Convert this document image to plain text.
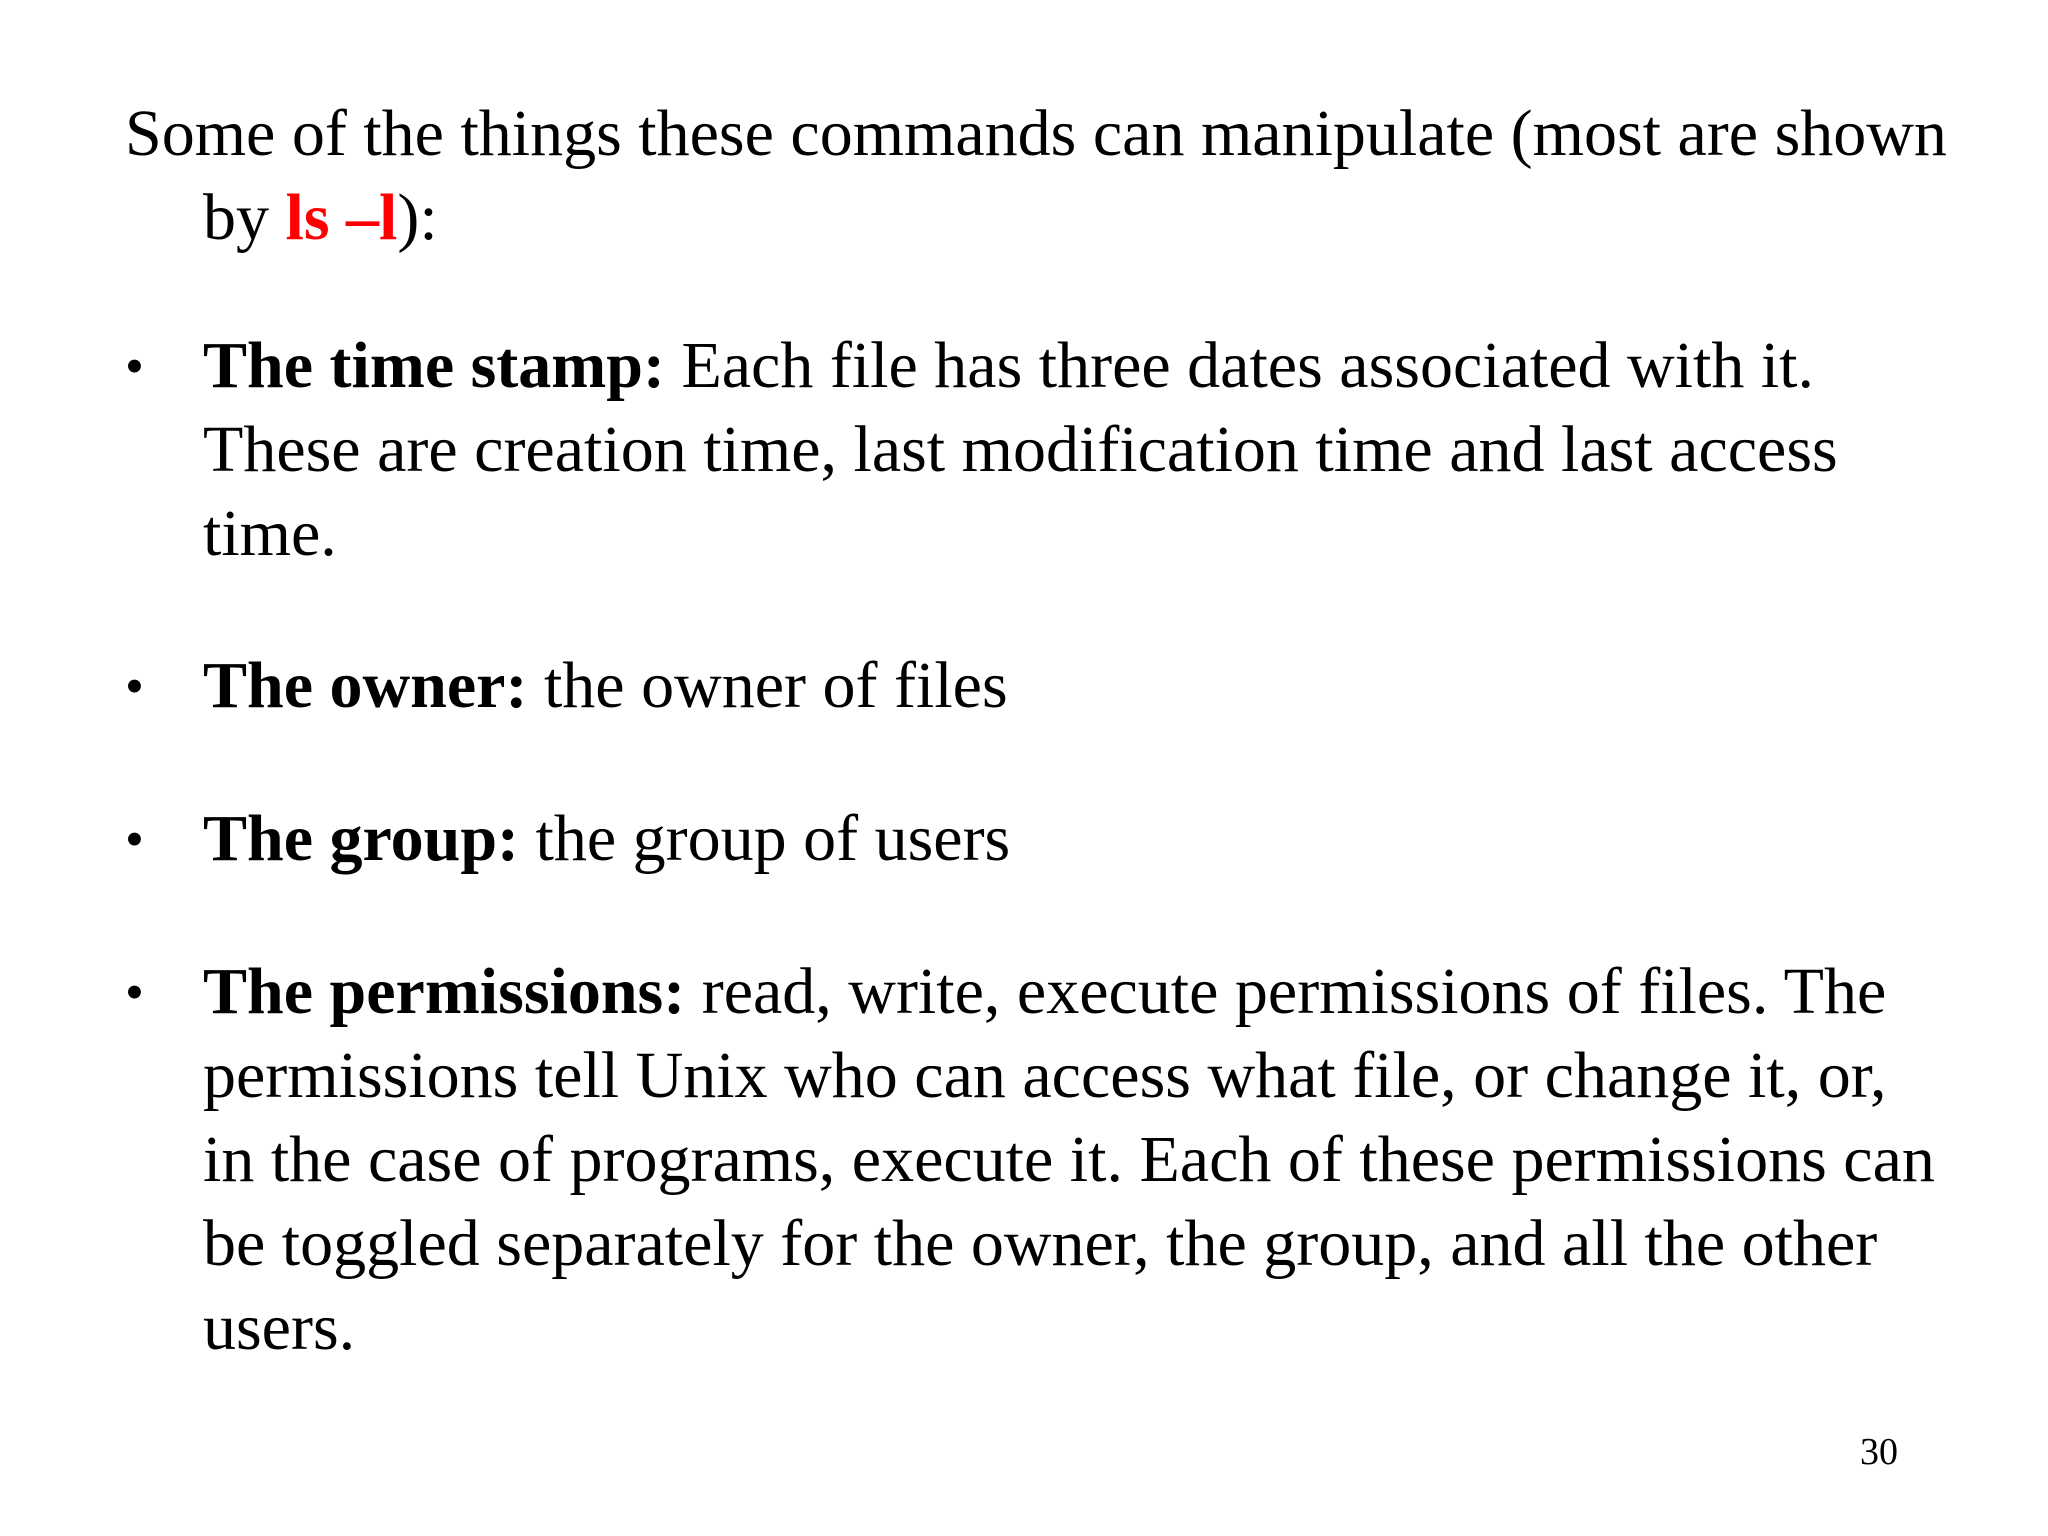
Some of the things these commands can manipulate (most are shown by ls –l):
• The time stamp: Each file has three dates associated with it. These are creation time, last modification time and last access time.
• The owner: the owner of files
• The group: the group of users
• The permissions: read, write, execute permissions of files. The permissions tell Unix who can access what file, or change it, or, in the case of programs, execute it. Each of these permissions can be toggled separately for the owner, the group, and all the other users.
30
